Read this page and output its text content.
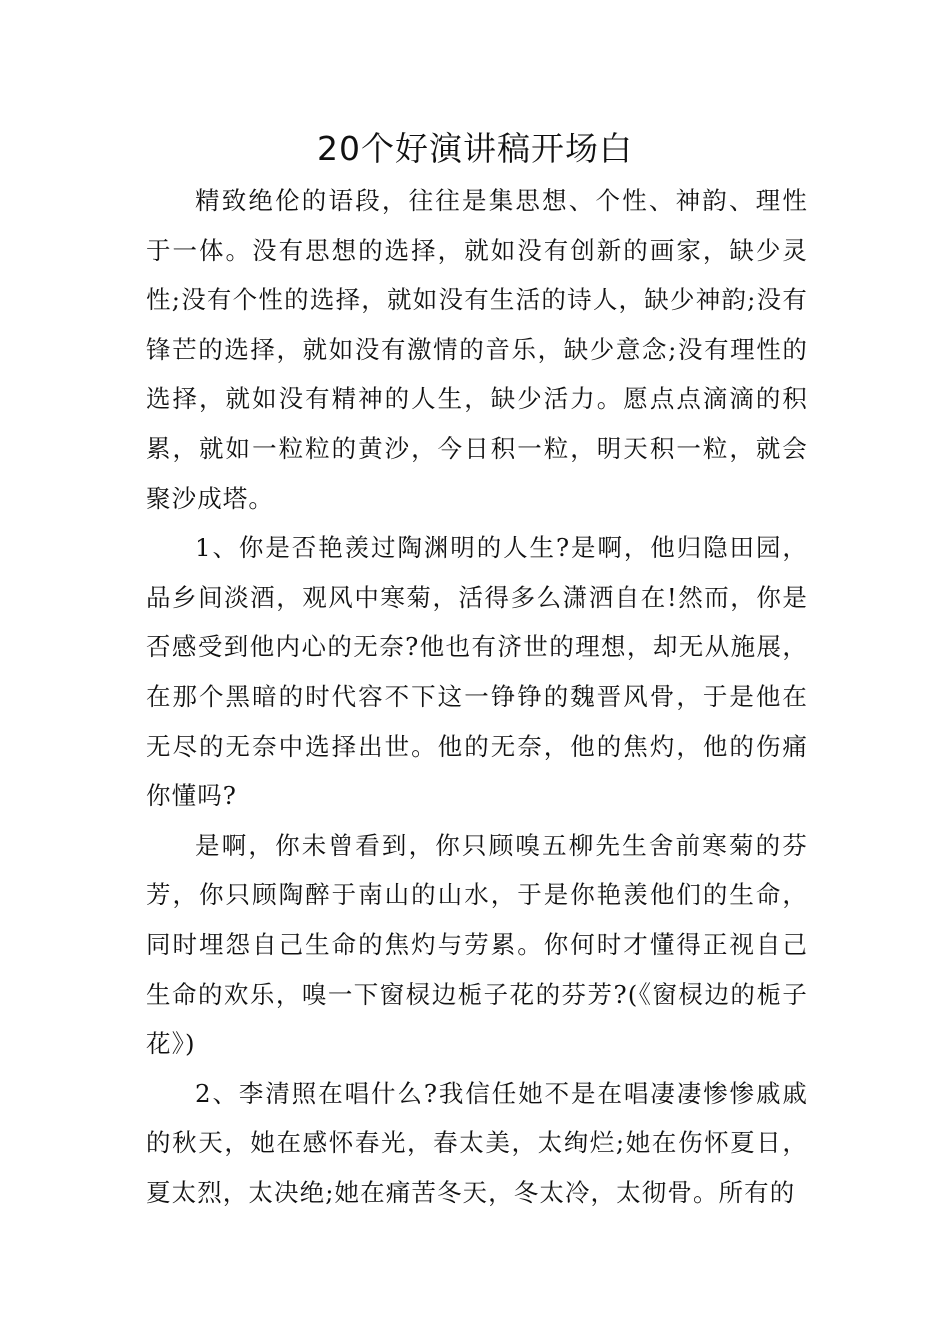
20个好演讲稿开场白

精致绝伦的语段，往往是集思想、个性、神韵、理性于一体。没有思想的选择，就如没有创新的画家，缺少灵性;没有个性的选择，就如没有生活的诗人，缺少神韵;没有锋芒的选择，就如没有激情的音乐，缺少意念;没有理性的选择，就如没有精神的人生，缺少活力。愿点点滴滴的积累，就如一粒粒的黄沙，今日积一粒，明天积一粒，就会聚沙成塔。

1、你是否艳羡过陶渊明的人生?是啊，他归隐田园，品乡间淡酒，观风中寒菊，活得多么潇洒自在!然而，你是否感受到他内心的无奈?他也有济世的理想，却无从施展，在那个黑暗的时代容不下这一铮铮的魏晋风骨，于是他在无尽的无奈中选择出世。他的无奈，他的焦灼，他的伤痛你懂吗?

是啊，你未曾看到，你只顾嗅五柳先生舍前寒菊的芬芳，你只顾陶醉于南山的山水，于是你艳羡他们的生命，同时埋怨自己生命的焦灼与劳累。你何时才懂得正视自己生命的欢乐，嗅一下窗棂边栀子花的芬芳?(《窗棂边的栀子花》)

2、李清照在唱什么?我信任她不是在唱凄凄惨惨戚戚的秋天，她在感怀春光，春太美，太绚烂;她在伤怀夏日，夏太烈，太决绝;她在痛苦冬天，冬太冷，太彻骨。所有的
